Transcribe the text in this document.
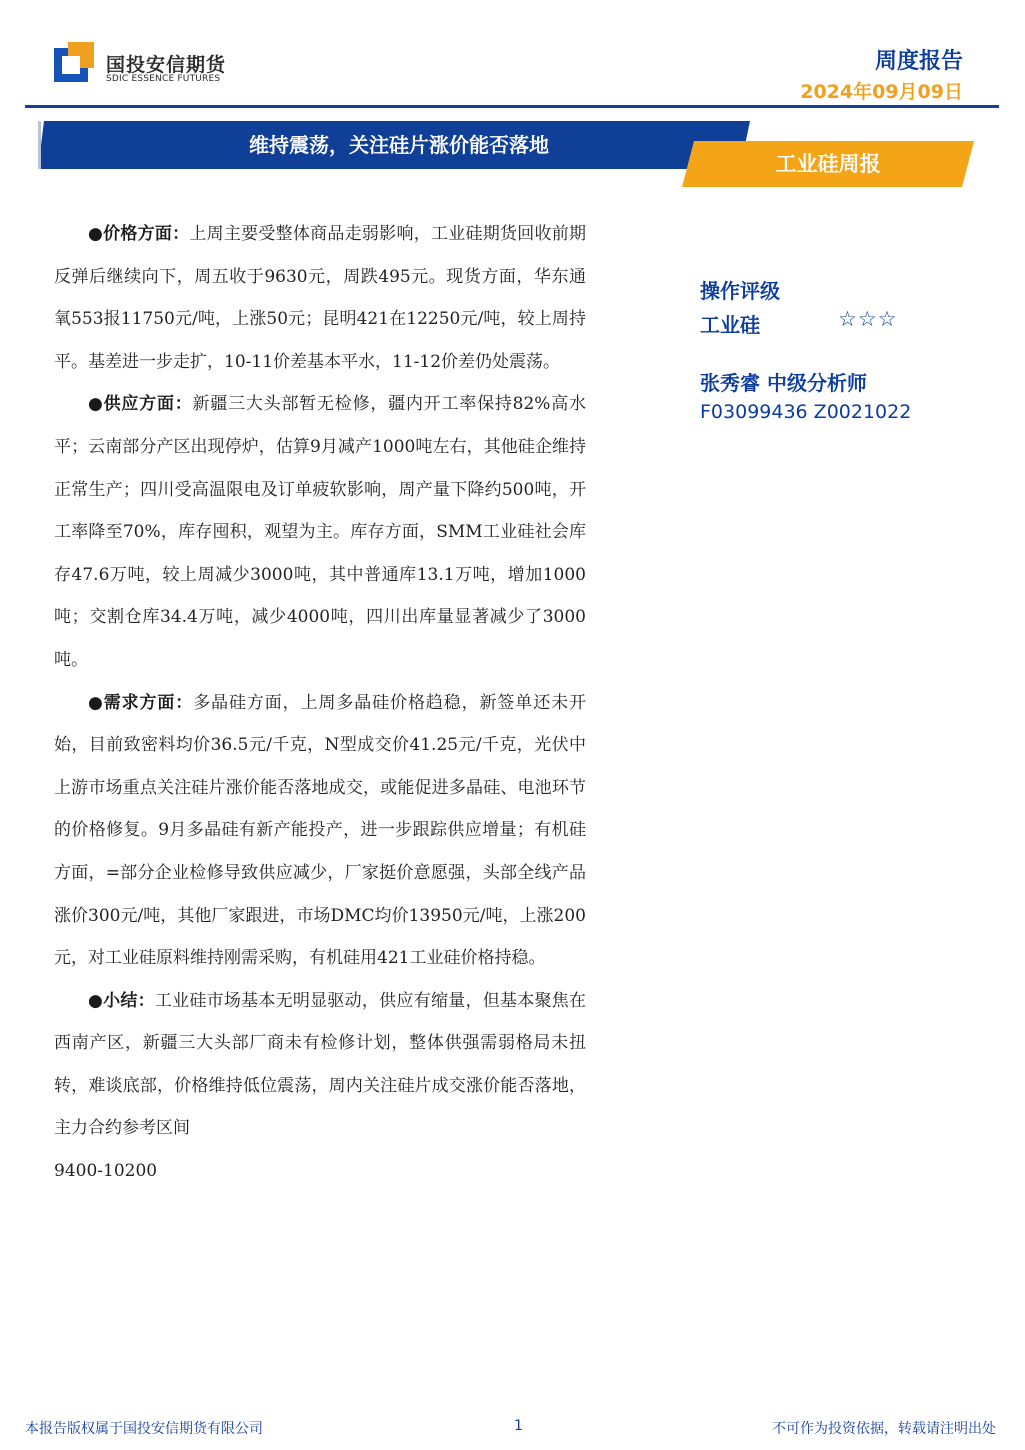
国投安信期货
SDIC ESSENCE FUTURES
周度报告
2024年09月09日
维持震荡，关注硅片涨价能否落地
工业硅周报

●价格方面：上周主要受整体商品走弱影响，工业硅期货回收前期反弹后继续向下，周五收于9630元，周跌495元。现货方面，华东通氧553报11750元/吨，上涨50元；昆明421在12250元/吨，较上周持平。基差进一步走扩，10-11价差基本平水，11-12价差仍处震荡。

●供应方面：新疆三大头部暂无检修，疆内开工率保持82%高水平；云南部分产区出现停炉，估算9月减产1000吨左右，其他硅企维持正常生产；四川受高温限电及订单疲软影响，周产量下降约500吨，开工率降至70%，库存囤积，观望为主。库存方面，SMM工业硅社会库存47.6万吨，较上周减少3000吨，其中普通库13.1万吨，增加1000吨；交割仓库34.4万吨，减少4000吨，四川出库量显著减少了3000吨。

●需求方面：多晶硅方面，上周多晶硅价格趋稳，新签单还未开始，目前致密料均价36.5元/千克，N型成交价41.25元/千克，光伏中上游市场重点关注硅片涨价能否落地成交，或能促进多晶硅、电池环节的价格修复。9月多晶硅有新产能投产，进一步跟踪供应增量；有机硅方面，=部分企业检修导致供应减少，厂家挺价意愿强，头部全线产品涨价300元/吨，其他厂家跟进，市场DMC均价13950元/吨，上涨200元，对工业硅原料维持刚需采购，有机硅用421工业硅价格持稳。

●小结：工业硅市场基本无明显驱动，供应有缩量，但基本聚焦在西南产区，新疆三大头部厂商未有检修计划，整体供强需弱格局未扭转，难谈底部，价格维持低位震荡，周内关注硅片成交涨价能否落地，主力合约参考区间

9400-10200

操作评级
工业硅	☆☆☆
张秀睿 中级分析师
F03099436 Z0021022
本报告版权属于国投安信期货有限公司	1	不可作为投资依据，转载请注明出处
